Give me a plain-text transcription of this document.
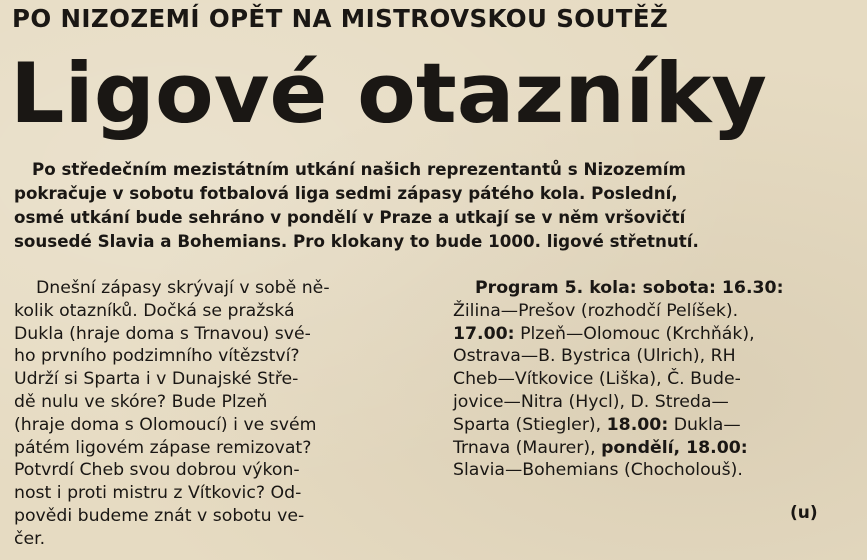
PO NIZOZEMÍ OPĚT NA MISTROVSKOU SOUTĚŽ
Ligové otazníky
Po středečním mezistátním utkání našich reprezentantů s Nizozemím
pokračuje v sobotu fotbalová liga sedmi zápasy pátého kola. Poslední,
osmé utkání bude sehráno v pondělí v Praze a utkají se v něm vršovičtí
sousedé Slavia a Bohemians. Pro klokany to bude 1000. ligové střetnutí.
Dnešní zápasy skrývají v sobě ně-
kolik otazníků. Dočká se pražská
Dukla (hraje doma s Trnavou) své-
ho prvního podzimního vítězství?
Udrží si Sparta i v Dunajské Stře-
dě nulu ve skóre? Bude Plzeň
(hraje doma s Olomoucí) i ve svém
pátém ligovém zápase remizovat?
Potvrdí Cheb svou dobrou výkon-
nost i proti mistru z Vítkovic? Od-
povědi budeme znát v sobotu ve-
čer.
Program 5. kola: sobota: 16.30:
Žilina—Prešov (rozhodčí Pelíšek).
17.00: Plzeň—Olomouc (Krchňák),
Ostrava—B. Bystrica (Ulrich), RH
Cheb—Vítkovice (Liška), Č. Bude-
jovice—Nitra (Hycl), D. Streda—
Sparta (Stiegler), 18.00: Dukla—
Trnava (Maurer), pondělí, 18.00:
Slavia—Bohemians (Chocholouš).
(u)
